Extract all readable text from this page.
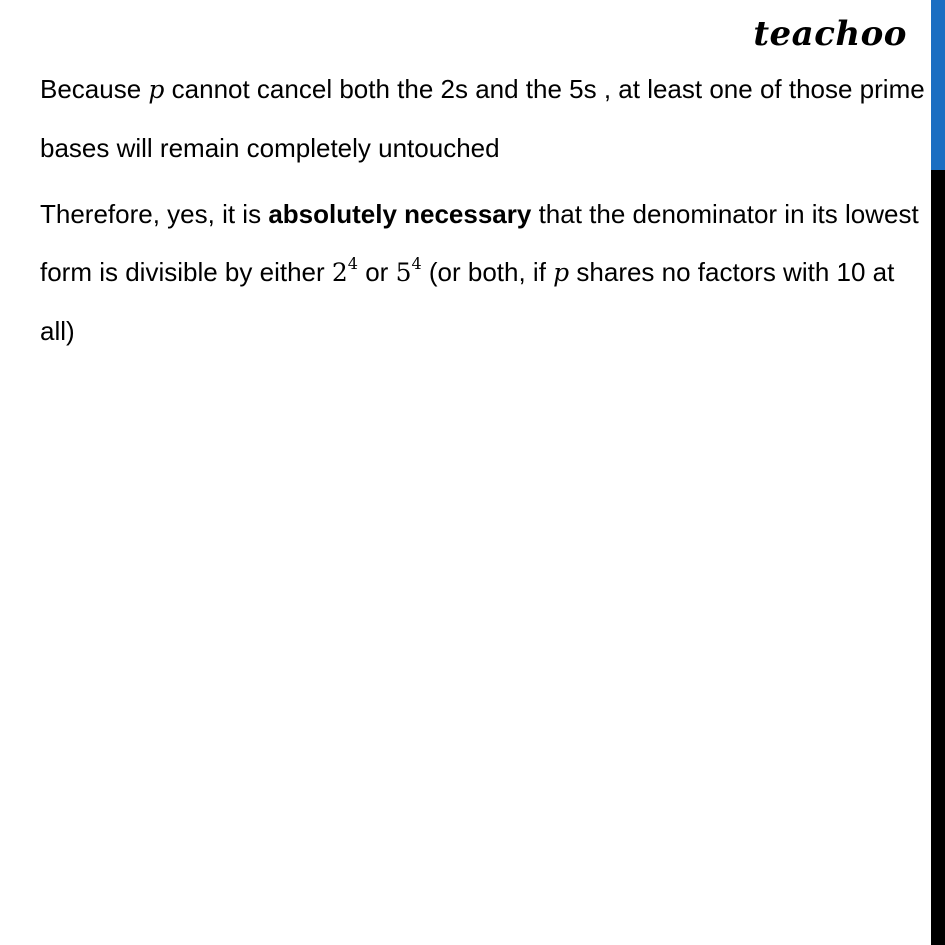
teachoo

Because p cannot cancel both the 2s and the 5s , at least one of those prime bases will remain completely untouched

Therefore, yes, it is absolutely necessary that the denominator in its lowest form is divisible by either $2^4$ or $5^4$ (or both, if p shares no factors with 10 at all)
